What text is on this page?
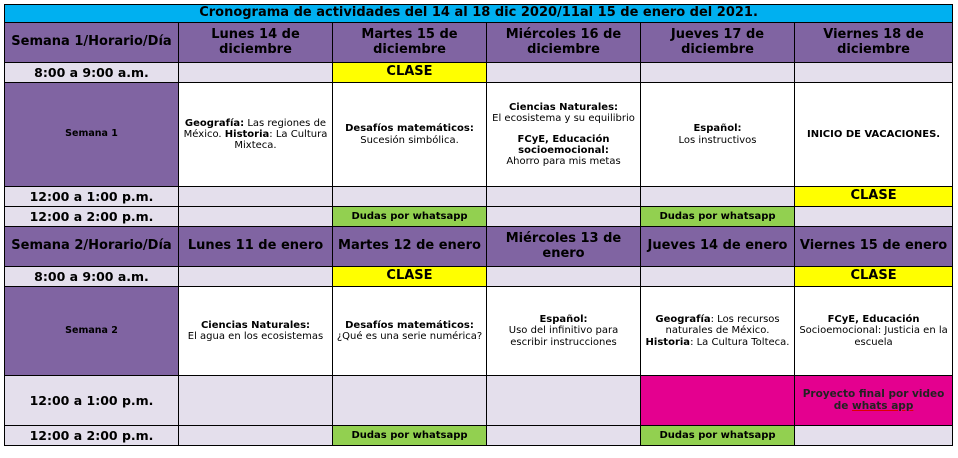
Cronograma de actividades del 14 al 18 dic 2020/11al 15 de enero del 2021.					
Semana 1/Horario/Día	Lunes 14 de diciembre	Martes 15 de diciembre	Miércoles 16 de diciembre	Jueves 17 de diciembre	Viernes 18 de diciembre
8:00 a 9:00 a.m.		CLASE			
Semana 1	Geografía: Las regiones de México. Historia: La Cultura Mixteca.	Desafíos matemáticos:
Sucesión simbólica.	Ciencias Naturales:
El ecosistema y su equilibrio
FCyE, Educación socioemocional:
Ahorro para mis metas	Español:
Los instructivos	INICIO DE VACACIONES.
12:00 a 1:00 p.m.					CLASE
12:00 a 2:00 p.m.		Dudas por whatsapp		Dudas por whatsapp	
Semana 2/Horario/Día	Lunes 11 de enero	Martes 12 de enero	Miércoles 13 de enero	Jueves 14 de enero	Viernes 15 de enero
8:00 a 9:00 a.m.		CLASE			CLASE
Semana 2	Ciencias Naturales:
El agua en los ecosistemas	Desafíos matemáticos:
¿Qué es una serie numérica?	Español:
Uso del infinitivo para escribir instrucciones	Geografía: Los recursos naturales de México. Historia: La Cultura Tolteca.	FCyE, Educación
Socioemocional: Justicia en la escuela
12:00 a 1:00 p.m.					Proyecto final por video de whats app
12:00 a 2:00 p.m.		Dudas por whatsapp		Dudas por whatsapp	
